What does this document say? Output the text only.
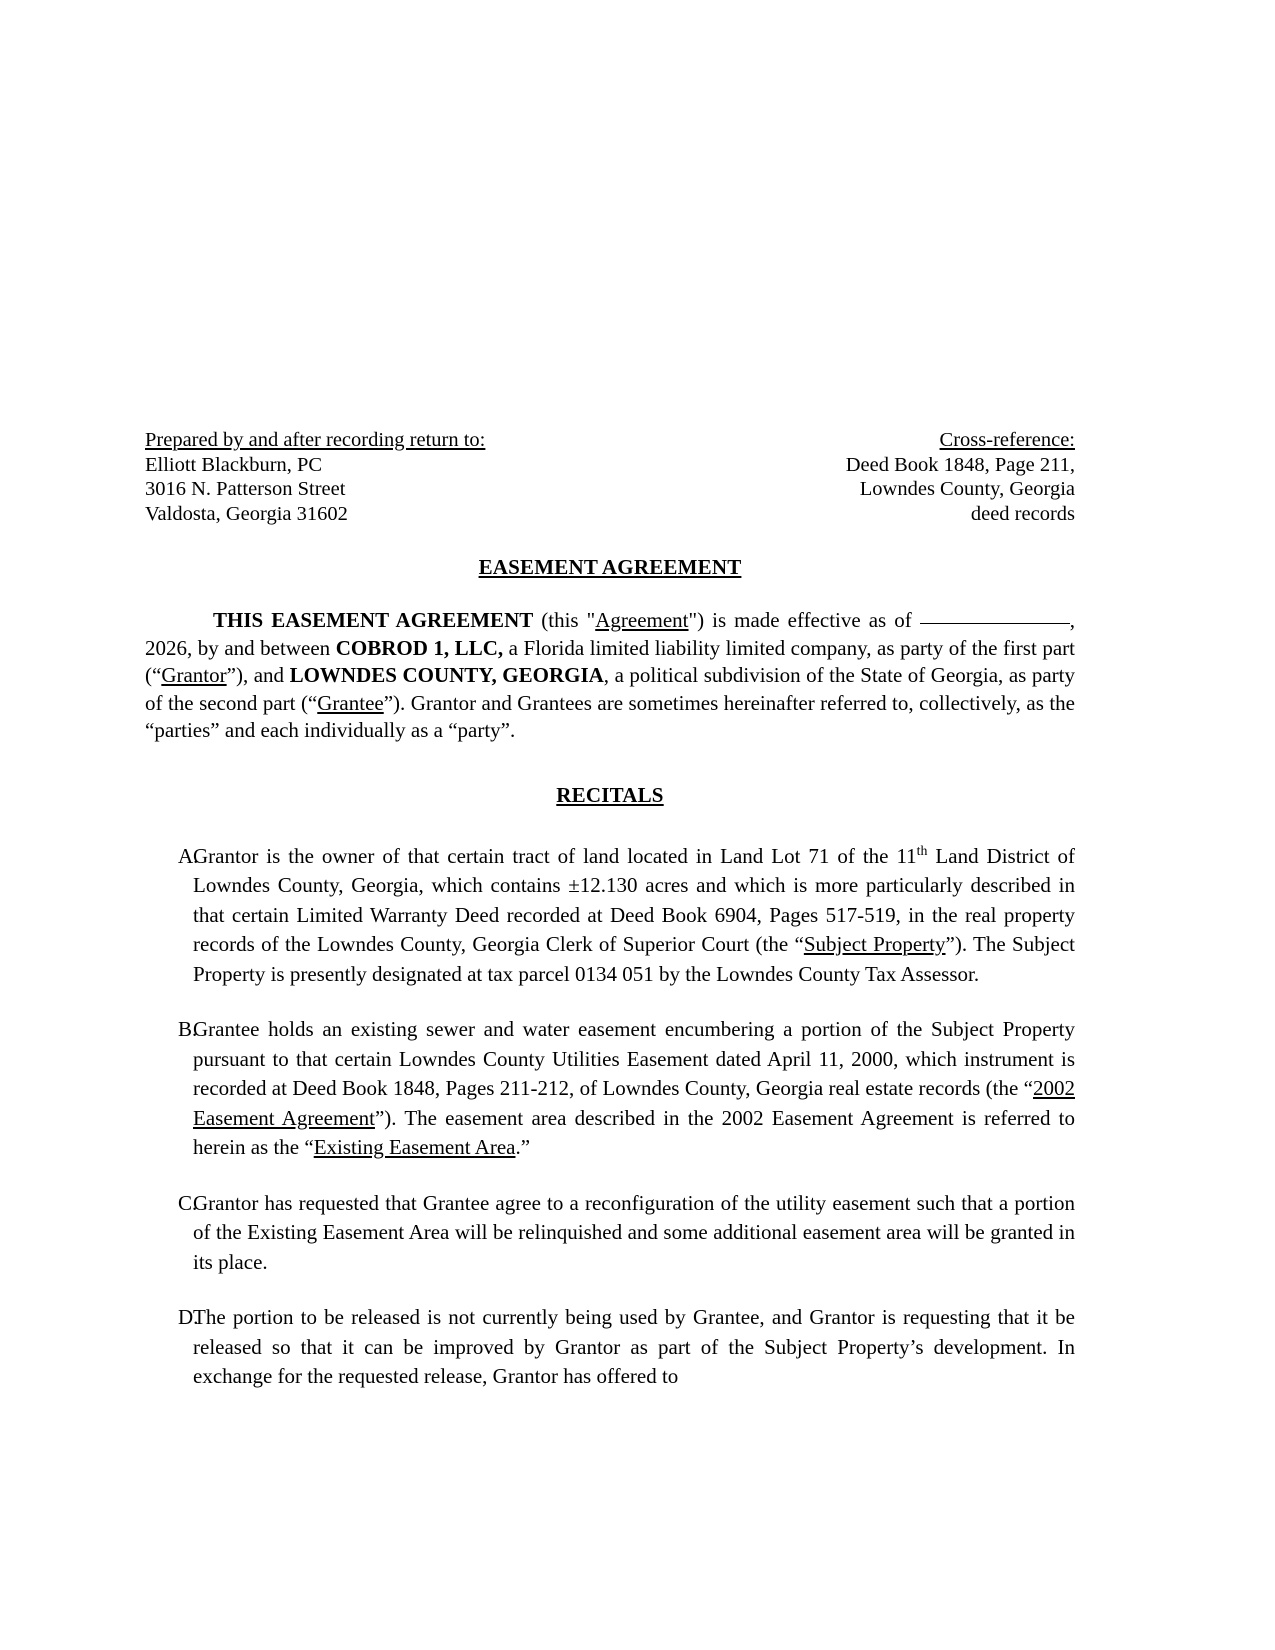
Prepared by and after recording return to:
Elliott Blackburn, PC
3016 N. Patterson Street
Valdosta, Georgia 31602
Cross-reference:
Deed Book 1848, Page 211,
Lowndes County, Georgia
deed records
EASEMENT AGREEMENT

THIS EASEMENT AGREEMENT (this "Agreement") is made effective as of	, 2026, by and between COBROD 1, LLC, a Florida limited liability limited company, as party of the first part (“Grantor”), and LOWNDES COUNTY, GEORGIA, a political subdivision of the State of Georgia, as party of the second part (“Grantee”). Grantor and Grantees are sometimes hereinafter referred to, collectively, as the “parties” and each individually as a “party”.

RECITALS
A.
Grantor is the owner of that certain tract of land located in Land Lot 71 of the 11th Land District of Lowndes County, Georgia, which contains ±12.130 acres and which is more particularly described in that certain Limited Warranty Deed recorded at Deed Book 6904, Pages 517-519, in the real property records of the Lowndes County, Georgia Clerk of Superior Court (the “Subject Property”). The Subject Property is presently designated at tax parcel 0134 051 by the Lowndes County Tax Assessor.
B.
Grantee holds an existing sewer and water easement encumbering a portion of the Subject Property pursuant to that certain Lowndes County Utilities Easement dated April 11, 2000, which instrument is recorded at Deed Book 1848, Pages 211-212, of Lowndes County, Georgia real estate records (the “2002 Easement Agreement”). The easement area described in the 2002 Easement Agreement is referred to herein as the “Existing Easement Area.”
C.
Grantor has requested that Grantee agree to a reconfiguration of the utility easement such that a portion of the Existing Easement Area will be relinquished and some additional easement area will be granted in its place.
D.
The portion to be released is not currently being used by Grantee, and Grantor is requesting that it be released so that it can be improved by Grantor as part of the Subject Property’s development. In exchange for the requested release, Grantor has offered to
